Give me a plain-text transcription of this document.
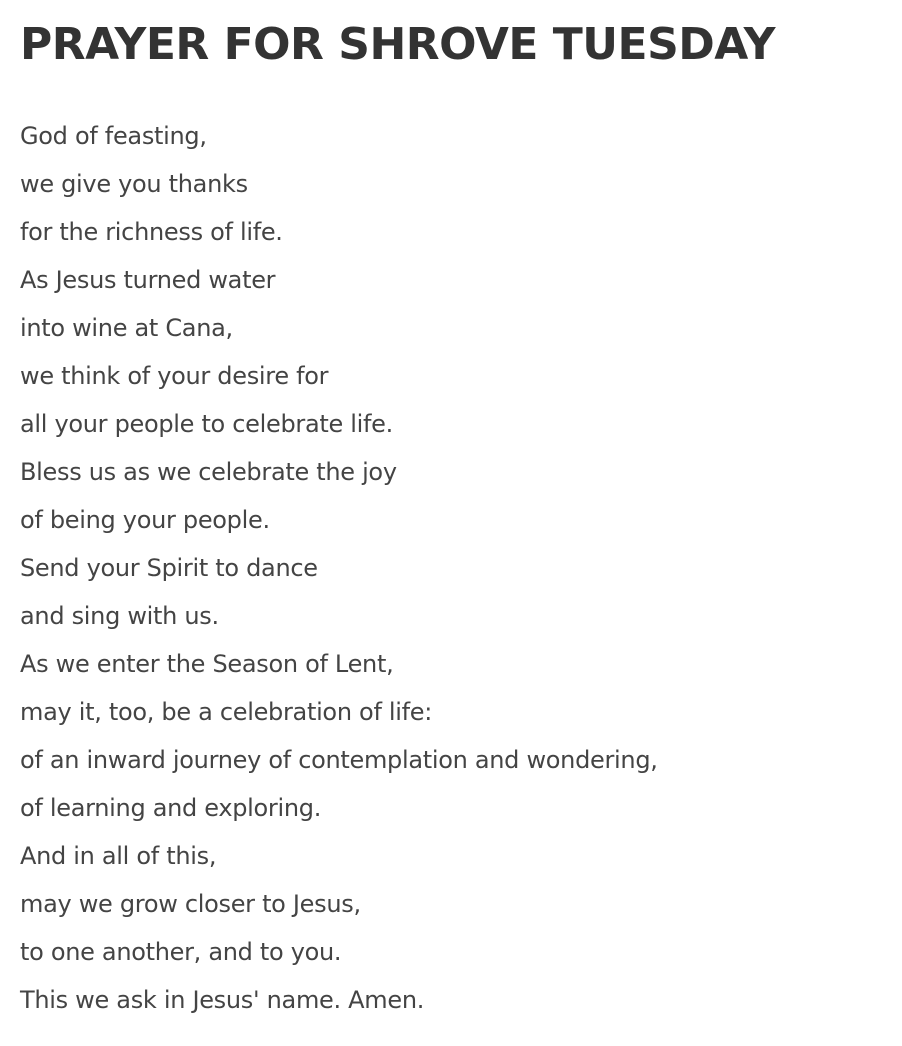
PRAYER FOR SHROVE TUESDAY
God of feasting,
we give you thanks
for the richness of life.
As Jesus turned water
into wine at Cana,
we think of your desire for
all your people to celebrate life.
Bless us as we celebrate the joy
of being your people.
Send your Spirit to dance
and sing with us.
As we enter the Season of Lent,
may it, too, be a celebration of life:
of an inward journey of contemplation and wondering,
of learning and exploring.
And in all of this,
may we grow closer to Jesus,
to one another, and to you.
This we ask in Jesus' name. Amen.
